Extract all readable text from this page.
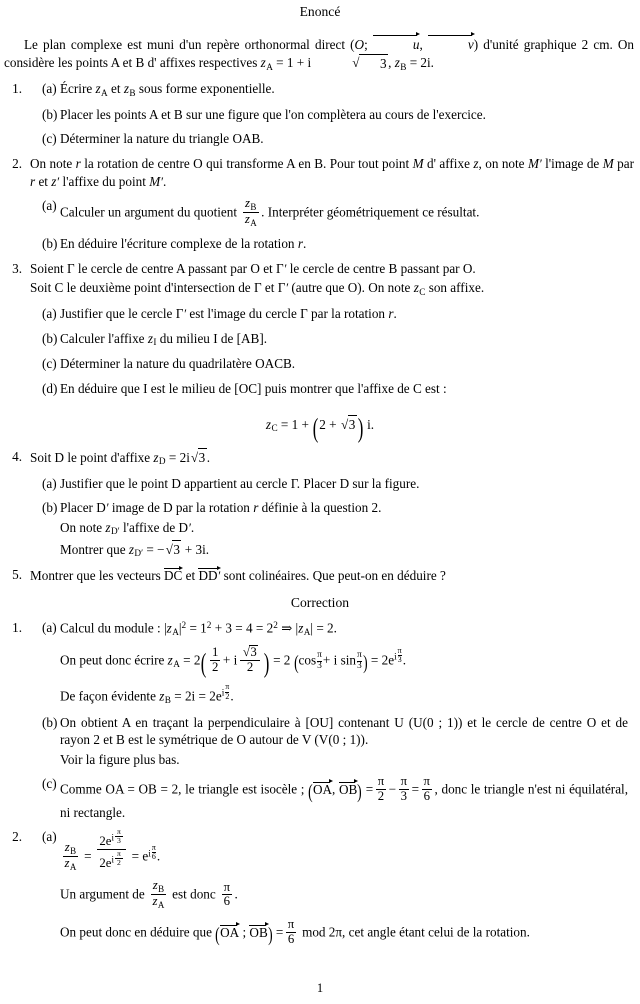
Enoncé

Le plan complexe est muni d'un repère orthonormal direct (O;	u,	v) d'unité graphique 2 cm. On considère les points A et B d' affixes respectives $z_A = 1 + i$	√ 3 , $z_B = 2i$.

1.	(a) Écrire $z_A$ et $z_B$ sous forme exponentielle.
(b) Placer les points A et B sur une figure que l'on complètera au cours de l'exercice.
(c) Déterminer la nature du triangle OAB.
2. On note r la rotation de centre O qui transforme A en B. Pour tout point M d' affixe z, on note M′ l'image de M par r et z′ l'affixe du point M′.
(a) Calculer un argument du quotient $\frac{z_B}{z_A}$ . Interpréter géométriquement ce résultat.
(b) En déduire l'écriture complexe de la rotation r.
3. Soient Γ le cercle de centre A passant par O et Γ′ le cercle de centre B passant par O.
Soit C le deuxième point d'intersection de Γ et Γ′ (autre que O). On note $z_C$ son affixe.
(a) Justifier que le cercle Γ′ est l'image du cercle Γ par la rotation r.
(b) Calculer l'affixe $z_I$ du milieu I de [AB].
(c) Déterminer la nature du quadrilatère OACB.
(d) En déduire que I est le milieu de [OC] puis montrer que l'affixe de C est :
$z_C = 1 + (2 + √3)$ i.
4. Soit D le point d'affixe $z_D = 2i√3$ .
(a) Justifier que le point D appartient au cercle Γ. Placer D sur la figure.
(b) Placer D′ image de D par la rotation r définie à la question 2.
On note $z_{D'}$ l'affixe de D′.
Montrer que $z_{D'} = -√3 + 3i$.
5. Montrer que les vecteurs
DC et
DD′ sont colinéaires. Que peut-on en déduire ?
Correction
1.	(a) Calcul du module : $|z_A|^2 = 1^2 + 3 = 4 = 2^2$ ⇒ $|z_A| = 2$.
On peut donc écrire $z_A = 2( \frac{1}{2} + i \frac{√3}{2}$ ) = 2 ($\cos \frac{\pi}{3} + i$ $\sin \frac{\pi}{3}$ ) = $2ei \frac{\pi}{3}$ .
De façon évidente $z_B = 2i = 2ei \frac{\pi}{2}$ .
(b) On obtient A en traçant la perpendiculaire à [OU] contenant U (U(0 ; 1)) et le cercle de centre O et de rayon 2 et B est le symétrique de O autour de V (V(0 ; 1)).
Voir la figure plus bas.
(c) Comme OA = OB = 2, le triangle est isocèle ; (
OA, $OB) = \frac{\pi}{2} - \frac{\pi}{3} = \frac{\pi}{6}$ , donc le triangle n'est ni équilatéral, ni rectangle.
2.	(a)
$\frac{z_B}{z_A} = \frac{2ei \frac{\pi}{3}}{2ei \frac{\pi}{2}}$ = ei $\frac{\pi}{6}$ .
Un argument de $\frac{z_B}{z_A}$ est donc $\frac{\pi}{6}$ .
On peut donc en déduire que (
OA ; $OB) = \frac{\pi}{6}$ mod 2π, cet angle étant celui de la rotation.
1
